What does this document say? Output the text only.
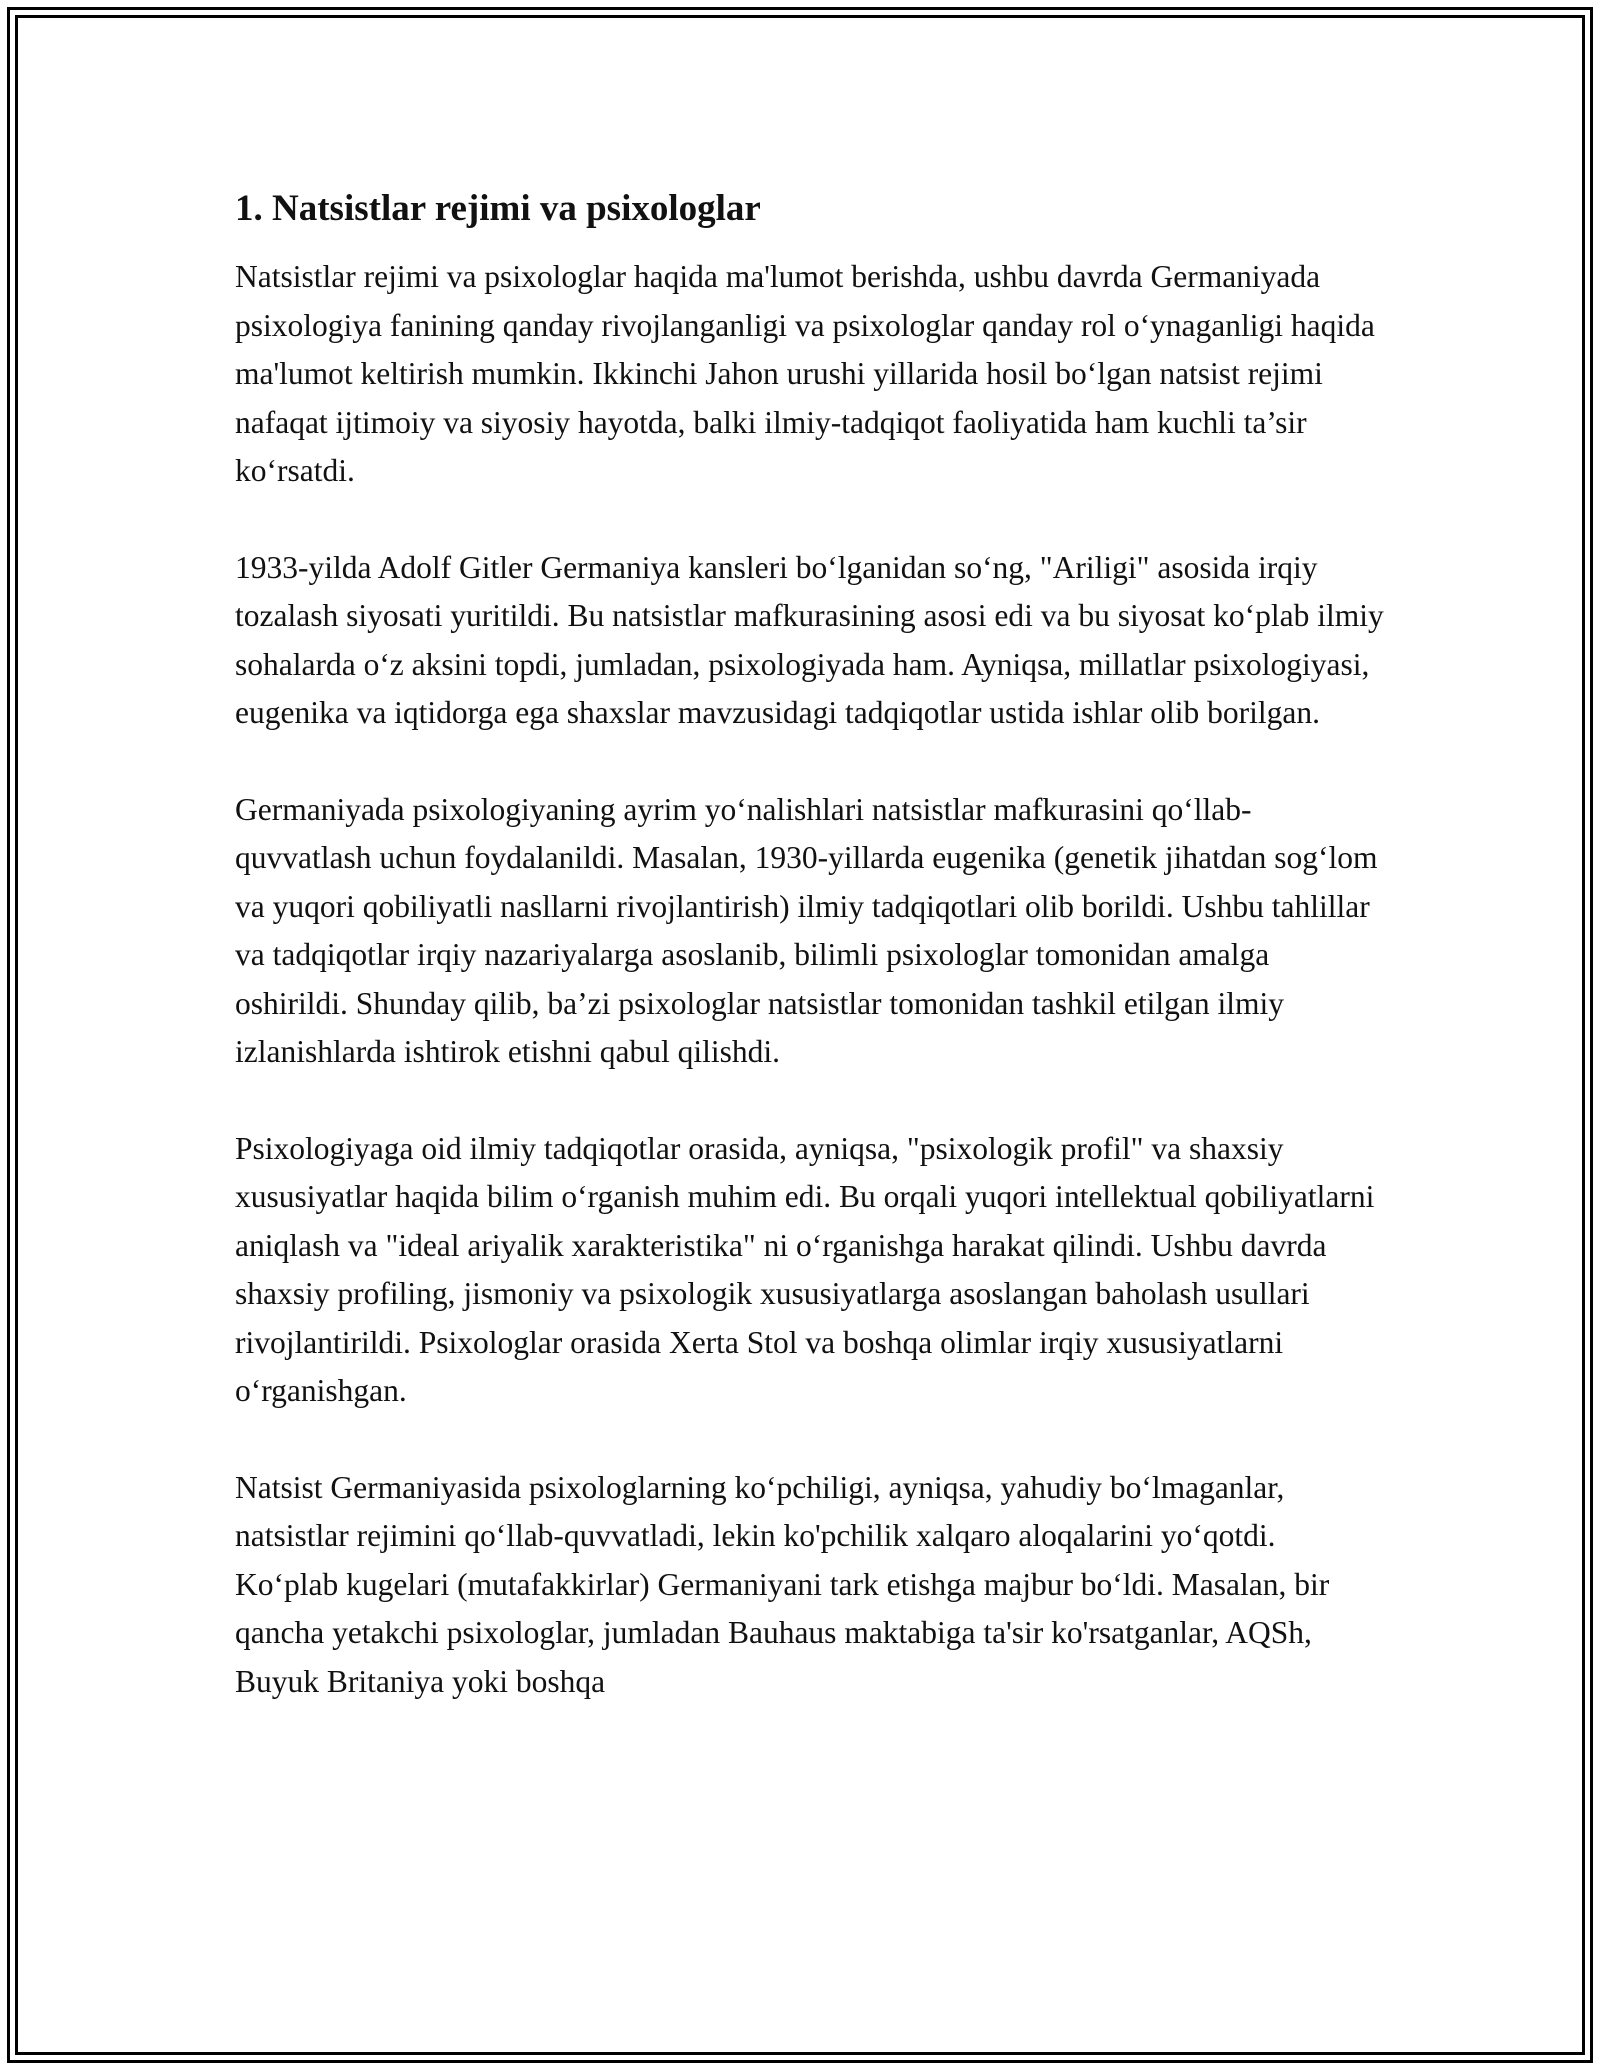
1. Natsistlar rejimi va psixologlar

Natsistlar rejimi va psixologlar haqida ma'lumot berishda, ushbu davrda Germaniyada psixologiya fanining qanday rivojlanganligi va psixologlar qanday rol o‘ynaganligi haqida ma'lumot keltirish mumkin. Ikkinchi Jahon urushi yillarida hosil bo‘lgan natsist rejimi nafaqat ijtimoiy va siyosiy hayotda, balki ilmiy-tadqiqot faoliyatida ham kuchli ta’sir ko‘rsatdi.

1933-yilda Adolf Gitler Germaniya kansleri bo‘lganidan so‘ng, "Ariligi" asosida irqiy tozalash siyosati yuritildi. Bu natsistlar mafkurasining asosi edi va bu siyosat ko‘plab ilmiy sohalarda o‘z aksini topdi, jumladan, psixologiyada ham. Ayniqsa, millatlar psixologiyasi, eugenika va iqtidorga ega shaxslar mavzusidagi tadqiqotlar ustida ishlar olib borilgan.

Germaniyada psixologiyaning ayrim yo‘nalishlari natsistlar mafkurasini qo‘llab-quvvatlash uchun foydalanildi. Masalan, 1930-yillarda eugenika (genetik jihatdan sog‘lom va yuqori qobiliyatli nasllarni rivojlantirish) ilmiy tadqiqotlari olib borildi. Ushbu tahlillar va tadqiqotlar irqiy nazariyalarga asoslanib, bilimli psixologlar tomonidan amalga oshirildi. Shunday qilib, ba’zi psixologlar natsistlar tomonidan tashkil etilgan ilmiy izlanishlarda ishtirok etishni qabul qilishdi.

Psixologiyaga oid ilmiy tadqiqotlar orasida, ayniqsa, "psixologik profil" va shaxsiy xususiyatlar haqida bilim o‘rganish muhim edi. Bu orqali yuqori intellektual qobiliyatlarni aniqlash va "ideal ariyalik xarakteristika" ni o‘rganishga harakat qilindi. Ushbu davrda shaxsiy profiling, jismoniy va psixologik xususiyatlarga asoslangan baholash usullari rivojlantirildi. Psixologlar orasida Xerta Stol va boshqa olimlar irqiy xususiyatlarni o‘rganishgan.

Natsist Germaniyasida psixologlarning ko‘pchiligi, ayniqsa, yahudiy bo‘lmaganlar, natsistlar rejimini qo‘llab-quvvatladi, lekin ko'pchilik xalqaro aloqalarini yo‘qotdi. Ko‘plab kugelari (mutafakkirlar) Germaniyani tark etishga majbur bo‘ldi. Masalan, bir qancha yetakchi psixologlar, jumladan Bauhaus maktabiga ta'sir ko'rsatganlar, AQSh, Buyuk Britaniya yoki boshqa
